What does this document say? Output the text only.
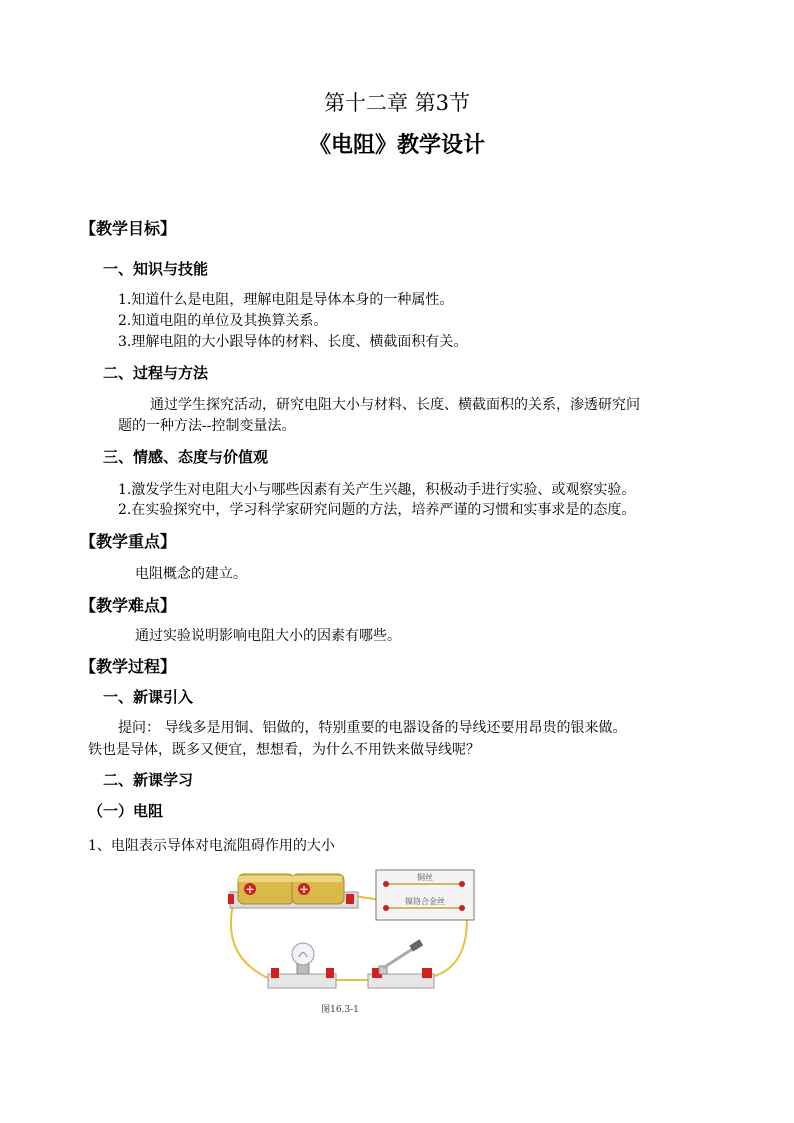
第十二章 第3节
《电阻》教学设计
【教学目标】
一、知识与技能
1.知道什么是电阻，理解电阻是导体本身的一种属性。
2.知道电阻的单位及其换算关系。
3.理解电阻的大小跟导体的材料、长度、横截面积有关。
二、过程与方法
通过学生探究活动，研究电阻大小与材料、长度、横截面积的关系，渗透研究问
题的一种方法--控制变量法。
三、情感、态度与价值观
1.激发学生对电阻大小与哪些因素有关产生兴趣，积极动手进行实验、或观察实验。
2.在实验探究中，学习科学家研究问题的方法，培养严谨的习惯和实事求是的态度。
【教学重点】
电阻概念的建立。
【教学难点】
通过实验说明影响电阻大小的因素有哪些。
【教学过程】
一、新课引入
提问： 导线多是用铜、铝做的，特别重要的电器设备的导线还要用昂贵的银来做。
铁也是导体，既多又便宜，想想看，为什么不用铁来做导线呢？
二、新课学习
（一）电阻
1、电阻表示导体对电流阻碍作用的大小
+	+
铜丝
镍铬合金丝
图16.3-1
